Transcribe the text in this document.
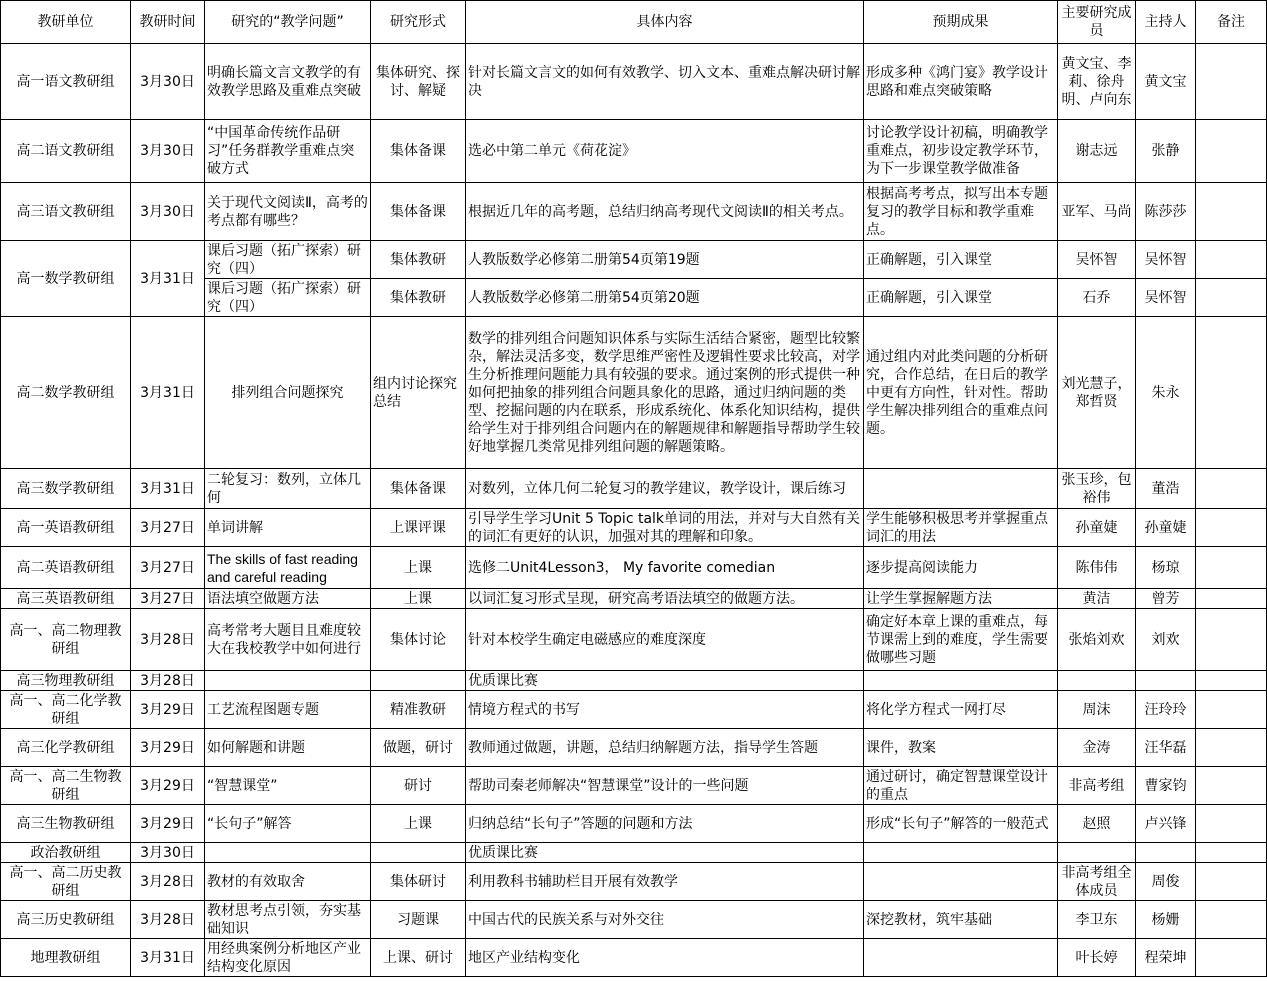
教研单位	教研时间	研究的“教学问题”	研究形式	具体内容	预期成果	主要研究成员	主持人	备注
高一语文教研组	3月30日	明确长篇文言文教学的有效教学思路及重难点突破	集体研究、探讨、解疑	针对长篇文言文的如何有效教学、切入文本、重难点解决研讨解决	形成多种《鸿门宴》教学设计思路和难点突破策略	黄文宝、李莉、徐舟明、卢向东	黄文宝	
高二语文教研组	3月30日	“中国革命传统作品研习”任务群教学重难点突破方式	集体备课	选必中第二单元《荷花淀》	讨论教学设计初稿，明确教学重难点，初步设定教学环节，为下一步课堂教学做准备	谢志远	张静	
高三语文教研组	3月30日	关于现代文阅读Ⅱ，高考的考点都有哪些？	集体备课	根据近几年的高考题，总结归纳高考现代文阅读Ⅱ的相关考点。	根据高考考点，拟写出本专题复习的教学目标和教学重难点。	亚军、马尚	陈莎莎	
高一数学教研组	3月31日	课后习题（拓广探索）研究（四）	集体教研	人教版数学必修第二册第54页第19题	正确解题，引入课堂	吴怀智	吴怀智	
		课后习题（拓广探索）研究（四）	集体教研	人教版数学必修第二册第54页第20题	正确解题，引入课堂	石乔	吴怀智	
高二数学教研组	3月31日	排列组合问题探究	组内讨论探究总结	数学的排列组合问题知识体系与实际生活结合紧密，题型比较繁杂，解法灵活多变，数学思维严密性及逻辑性要求比较高，对学生分析推理问题能力具有较强的要求。通过案例的形式提供一种如何把抽象的排列组合问题具象化的思路，通过归纳问题的类型、挖掘问题的内在联系，形成系统化、体系化知识结构，提供给学生对于排列组合问题内在的解题规律和解题指导帮助学生较好地掌握几类常见排列组问题的解题策略。	通过组内对此类问题的分析研究，合作总结，在日后的教学中更有方向性，针对性。帮助学生解决排列组合的重难点问题。	刘光慧子，郑哲贤	朱永	
高三数学教研组	3月31日	二轮复习：数列，立体几何	集体备课	对数列，立体几何二轮复习的教学建议，教学设计，课后练习		张玉珍，包裕伟	董浩	
高一英语教研组	3月27日	单词讲解	上课评课	引导学生学习Unit 5 Topic talk单词的用法，并对与大自然有关的词汇有更好的认识，加强对其的理解和印象。	学生能够积极思考并掌握重点词汇的用法	孙童婕	孙童婕	
高二英语教研组	3月27日	The skills of fast reading and careful reading	上课	选修二Unit4Lesson3， My favorite comedian	逐步提高阅读能力	陈伟伟	杨琼	
高三英语教研组	3月27日	语法填空做题方法	上课	以词汇复习形式呈现，研究高考语法填空的做题方法。	让学生掌握解题方法	黄洁	曾芳	
高一、高二物理教研组	3月28日	高考常考大题目且难度较大在我校教学中如何进行	集体讨论	针对本校学生确定电磁感应的难度深度	确定好本章上课的重难点，每节课需上到的难度，学生需要做哪些习题	张焰刘欢	刘欢	
高三物理教研组	3月28日			优质课比赛				
高一、高二化学教研组	3月29日	工艺流程图题专题	精准教研	情境方程式的书写	将化学方程式一网打尽	周沫	汪玲玲	
高三化学教研组	3月29日	如何解题和讲题	做题，研讨	教师通过做题，讲题，总结归纳解题方法，指导学生答题	课件，教案	金涛	汪华磊	
高一、高二生物教研组	3月29日	“智慧课堂”	研讨	帮助司秦老师解决“智慧课堂”设计的一些问题	通过研讨，确定智慧课堂设计的重点	非高考组	曹家钧	
高三生物教研组	3月29日	“长句子”解答	上课	归纳总结“长句子”答题的问题和方法	形成“长句子”解答的一般范式	赵照	卢兴锋	
政治教研组	3月30日			优质课比赛				
高一、高二历史教研组	3月28日	教材的有效取舍	集体研讨	利用教科书辅助栏目开展有效教学		非高考组全体成员	周俊	
高三历史教研组	3月28日	教材思考点引领，夯实基础知识	习题课	中国古代的民族关系与对外交往	深挖教材，筑牢基础	李卫东	杨姗	
地理教研组	3月31日	用经典案例分析地区产业结构变化原因	上课、研讨	地区产业结构变化		叶长婷	程荣坤	
